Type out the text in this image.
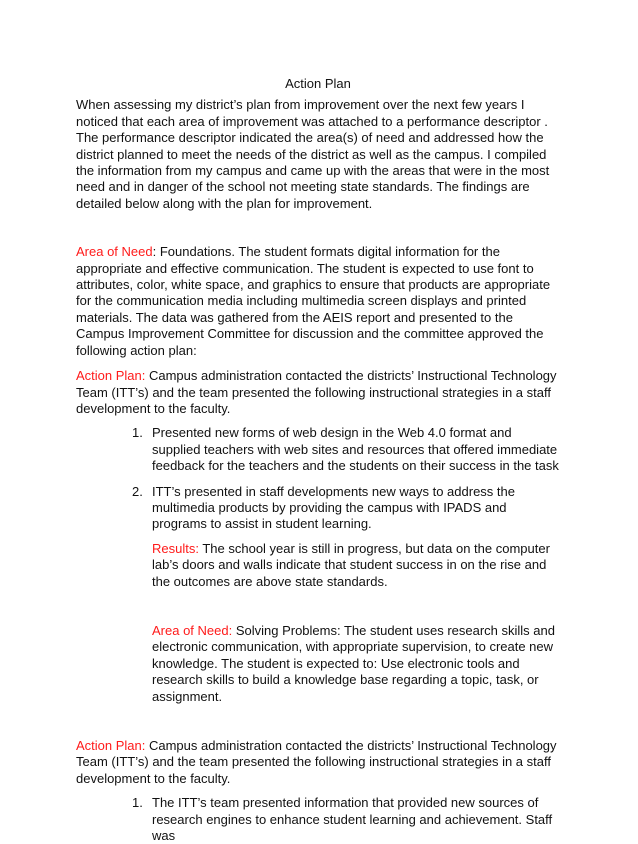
Action Plan

When assessing my district’s plan from improvement over the next few years I noticed that each area of improvement was attached to a performance descriptor . The performance descriptor indicated the area(s) of need and addressed how the district planned to meet the needs of the district as well as the campus. I compiled the information from my campus and came up with the areas that were in the most need and in danger of the school not meeting state standards. The findings are detailed below along with the plan for improvement.

Area of Need: Foundations. The student formats digital information for the appropriate and effective communication. The student is expected to use font to attributes, color, white space, and graphics to ensure that products are appropriate for the communication media including multimedia screen displays and printed materials. The data was gathered from the AEIS report and presented to the Campus Improvement Committee for discussion and the committee approved the following action plan:

Action Plan: Campus administration contacted the districts’ Instructional Technology Team (ITT’s) and the team presented the following instructional strategies in a staff development to the faculty.

1. Presented new forms of web design in the Web 4.0 format and supplied teachers with web sites and resources that offered immediate feedback for the teachers and the students on their success in the task
2. ITT’s presented in staff developments new ways to address the multimedia products by providing the campus with IPADS and programs to assist in student learning.

Results: The school year is still in progress, but data on the computer lab’s doors and walls indicate that student success in on the rise and the outcomes are above state standards.

Area of Need: Solving Problems: The student uses research skills and electronic communication, with appropriate supervision, to create new knowledge. The student is expected to: Use electronic tools and research skills to build a knowledge base regarding a topic, task, or assignment.

Action Plan: Campus administration contacted the districts’ Instructional Technology Team (ITT’s) and the team presented the following instructional strategies in a staff development to the faculty.

1. The ITT’s team presented information that provided new sources of research engines to enhance student learning and achievement. Staff was
